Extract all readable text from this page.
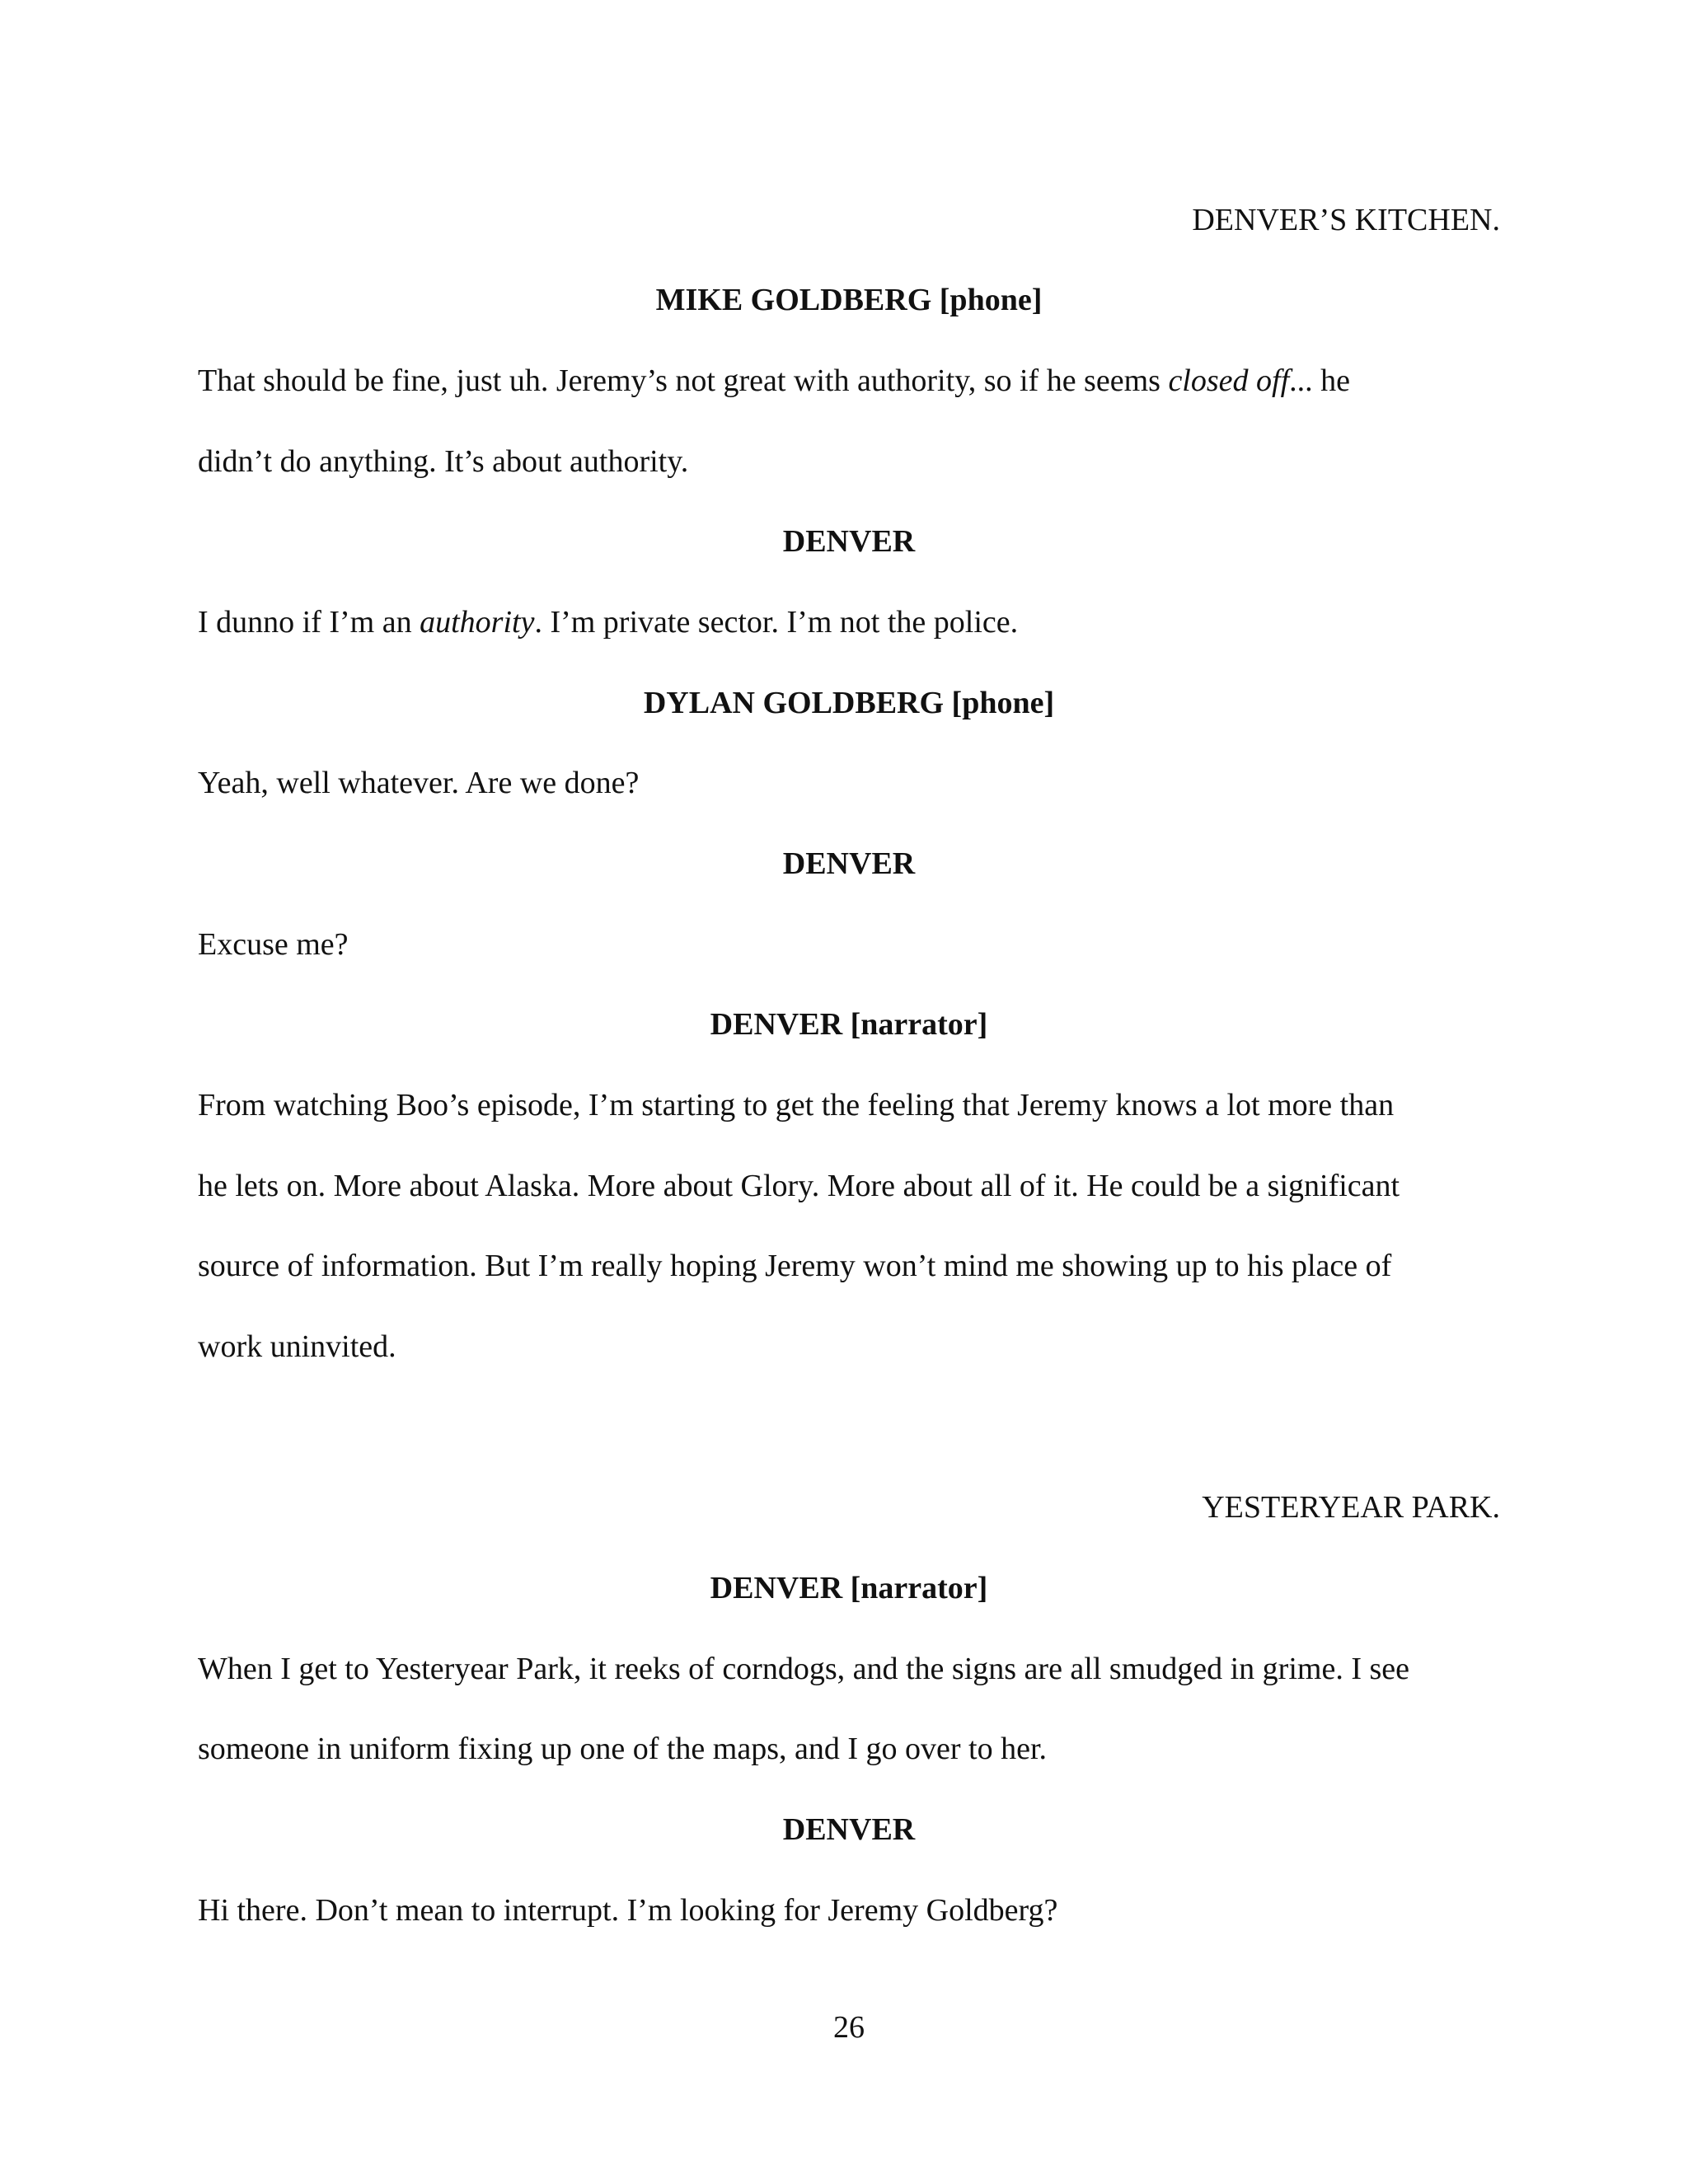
DENVER’S KITCHEN.
MIKE GOLDBERG [phone]
That should be fine, just uh. Jeremy’s not great with authority, so if he seems closed off... he
didn’t do anything. It’s about authority.
DENVER
I dunno if I’m an authority. I’m private sector. I’m not the police.
DYLAN GOLDBERG [phone]
Yeah, well whatever. Are we done?
DENVER
Excuse me?
DENVER [narrator]
From watching Boo’s episode, I’m starting to get the feeling that Jeremy knows a lot more than
he lets on. More about Alaska. More about Glory. More about all of it. He could be a significant
source of information. But I’m really hoping Jeremy won’t mind me showing up to his place of
work uninvited.
YESTERYEAR PARK.
DENVER [narrator]
When I get to Yesteryear Park, it reeks of corndogs, and the signs are all smudged in grime. I see
someone in uniform fixing up one of the maps, and I go over to her.
DENVER
Hi there. Don’t mean to interrupt. I’m looking for Jeremy Goldberg?
26
